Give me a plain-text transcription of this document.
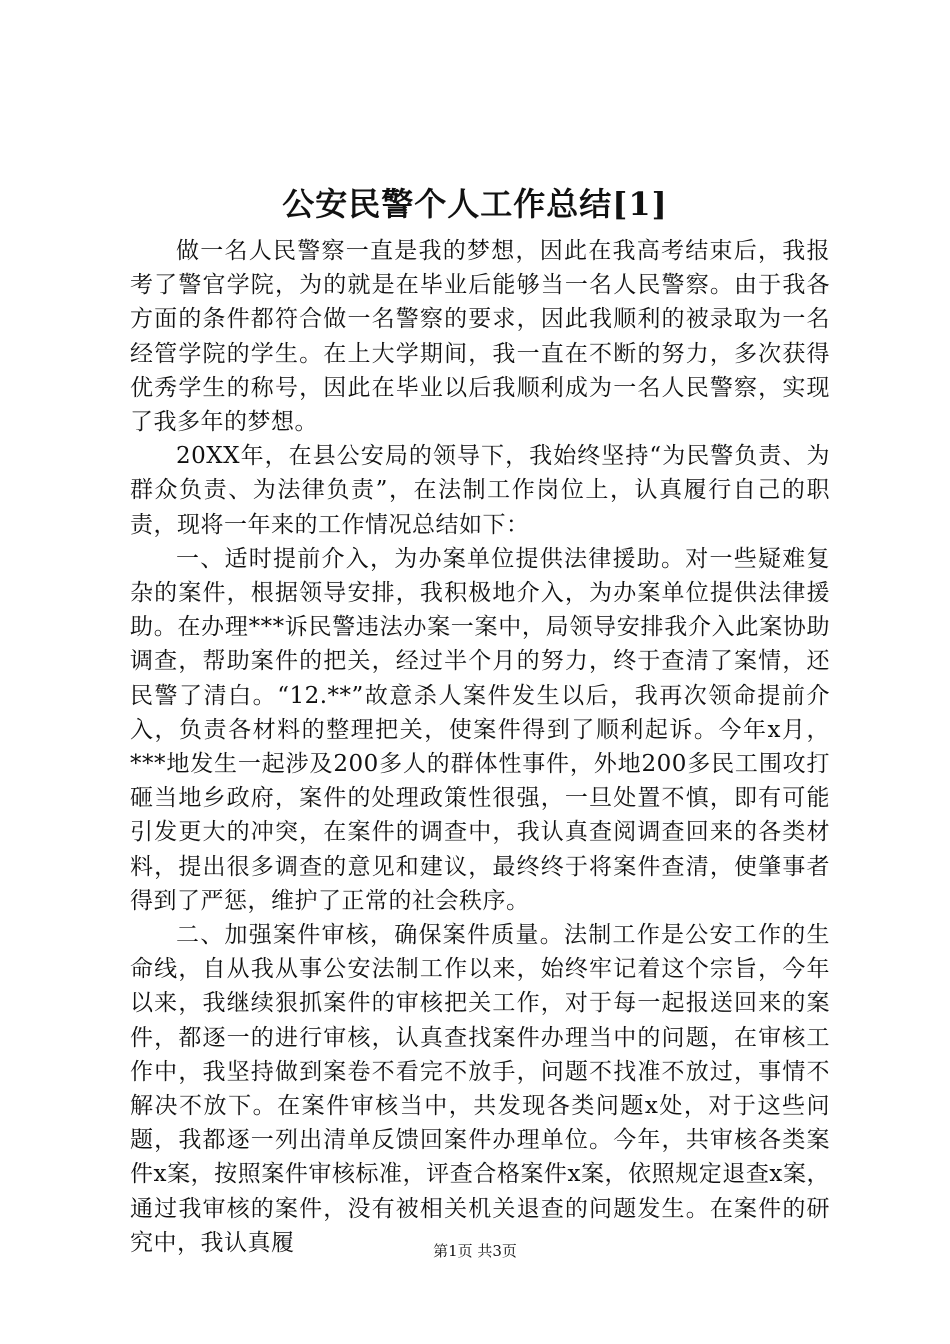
公安民警个人工作总结[1]

做一名人民警察一直是我的梦想，因此在我高考结束后，我报考了警官学院，为的就是在毕业后能够当一名人民警察。由于我各方面的条件都符合做一名警察的要求，因此我顺利的被录取为一名经管学院的学生。在上大学期间，我一直在不断的努力，多次获得优秀学生的称号，因此在毕业以后我顺利成为一名人民警察，实现了我多年的梦想。

20XX年，在县公安局的领导下，我始终坚持“为民警负责、为群众负责、为法律负责”，在法制工作岗位上，认真履行自己的职责，现将一年来的工作情况总结如下：

一、适时提前介入，为办案单位提供法律援助。对一些疑难复杂的案件，根据领导安排，我积极地介入，为办案单位提供法律援助。在办理***诉民警违法办案一案中，局领导安排我介入此案协助调查，帮助案件的把关，经过半个月的努力，终于查清了案情，还民警了清白。“12.**”故意杀人案件发生以后，我再次领命提前介入，负责各材料的整理把关，使案件得到了顺利起诉。今年x月，***地发生一起涉及200多人的群体性事件，外地200多民工围攻打砸当地乡政府，案件的处理政策性很强，一旦处置不慎，即有可能引发更大的冲突，在案件的调查中，我认真查阅调查回来的各类材料，提出很多调查的意见和建议，最终终于将案件查清，使肇事者得到了严惩，维护了正常的社会秩序。

二、加强案件审核，确保案件质量。法制工作是公安工作的生命线，自从我从事公安法制工作以来，始终牢记着这个宗旨，今年以来，我继续狠抓案件的审核把关工作，对于每一起报送回来的案件，都逐一的进行审核，认真查找案件办理当中的问题，在审核工作中，我坚持做到案卷不看完不放手，问题不找准不放过，事情不解决不放下。在案件审核当中，共发现各类问题x处，对于这些问题，我都逐一列出清单反馈回案件办理单位。今年，共审核各类案件x案，按照案件审核标准，评查合格案件x案，依照规定退查x案，通过我审核的案件，没有被相关机关退查的问题发生。在案件的研究中，我认真履	第1页 共3页
